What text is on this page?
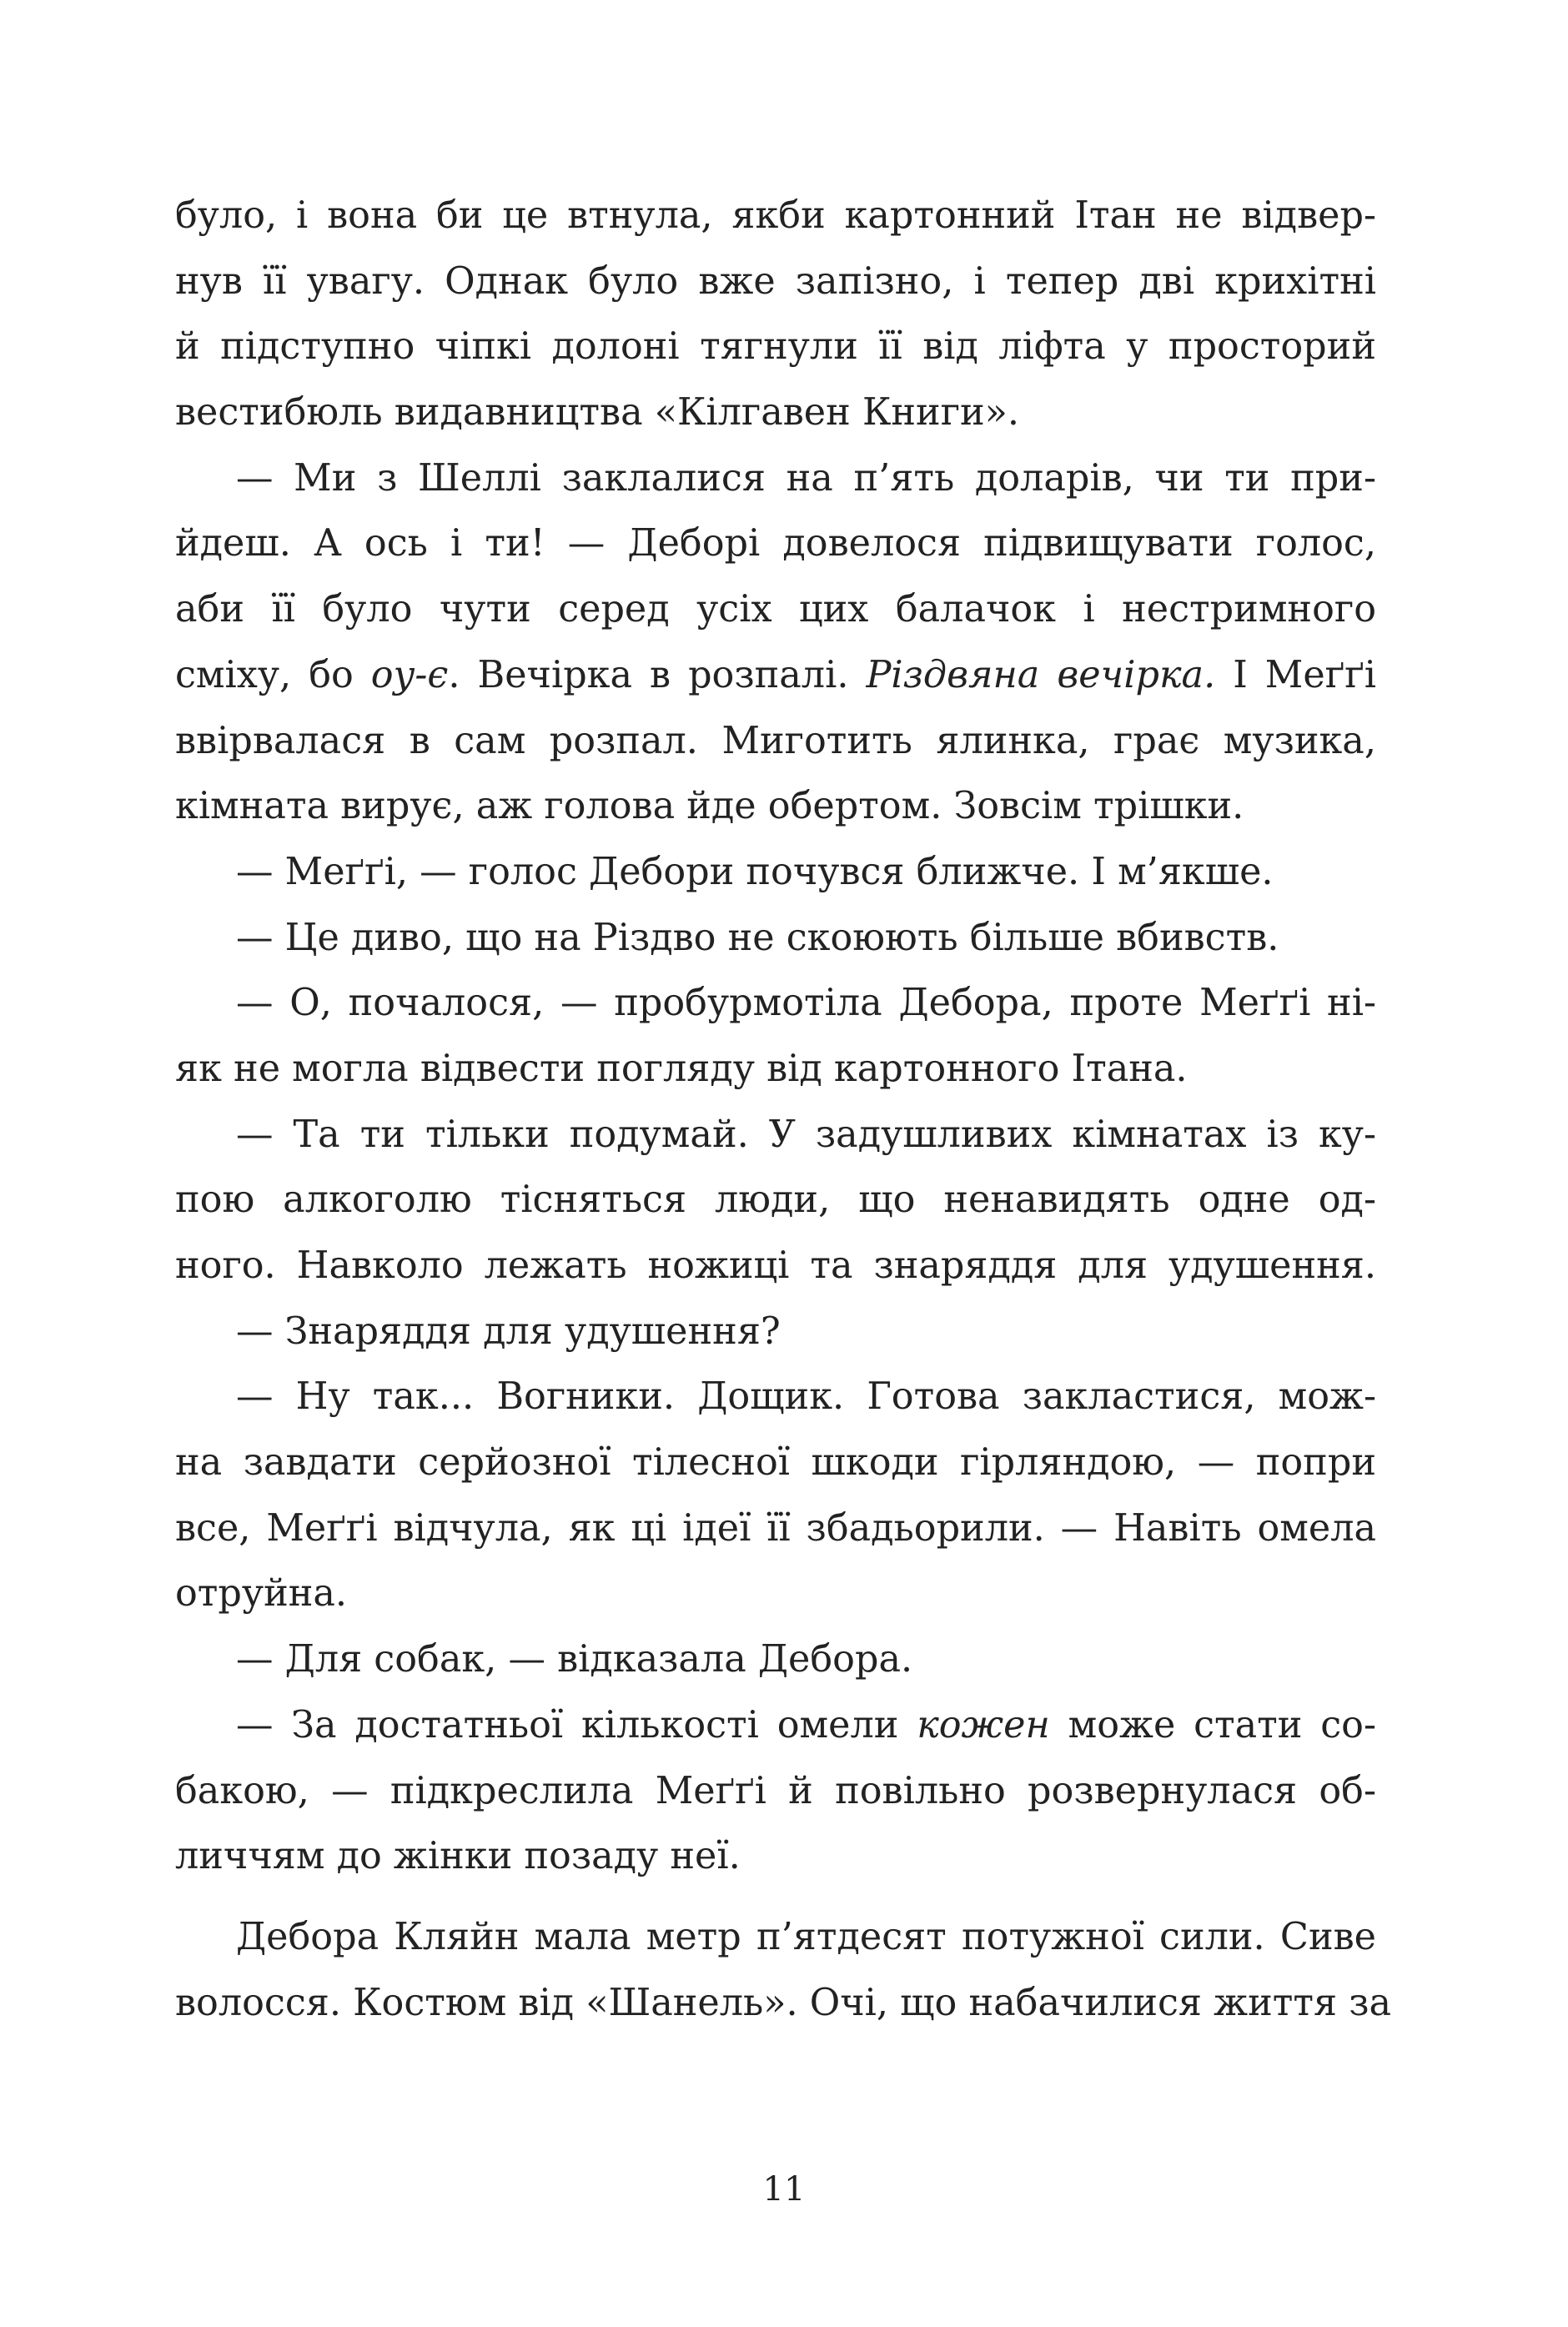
було, і вона би це втнула, якби картонний Ітан не відвер-
нув її увагу. Однак було вже запізно, і тепер дві крихітні
й підступно чіпкі долоні тягнули її від ліфта у просторий
вестибюль видавництва «Кілгавен Книги».
— Ми з Шеллі заклалися на п’ять доларів, чи ти при-
йдеш. А ось і ти! — Деборі довелося підвищувати голос,
аби її було чути серед усіх цих балачок і нестримного
сміху, бо оу-є. Вечірка в розпалі. Різдвяна вечірка. І Меґґі
ввірвалася в сам розпал. Миготить ялинка, грає музика,
кімната вирує, аж голова йде обертом. Зовсім трішки.
— Меґґі, — голос Дебори почувся ближче. І м’якше.
— Це диво, що на Різдво не скоюють більше вбивств.
— О, почалося, — пробурмотіла Дебора, проте Меґґі ні-
як не могла відвести погляду від картонного Ітана.
— Та ти тільки подумай. У задушливих кімнатах із ку-
пою алкоголю тісняться люди, що ненавидять одне од-
ного. Навколо лежать ножиці та знаряддя для удушення.
— Знаряддя для удушення?
— Ну так... Вогники. Дощик. Готова закластися, мож-
на завдати серйозної тілесної шкоди гірляндою, — попри
все, Меґґі відчула, як ці ідеї її збадьорили. — Навіть омела
отруйна.
— Для собак, — відказала Дебора.
— За достатньої кількості омели кожен може стати со-
бакою, — підкреслила Меґґі й повільно розвернулася об-
личчям до жінки позаду неї.
Дебора Кляйн мала метр п’ятдесят потужної сили. Сиве
волосся. Костюм від «Шанель». Очі, що набачилися життя за
11
